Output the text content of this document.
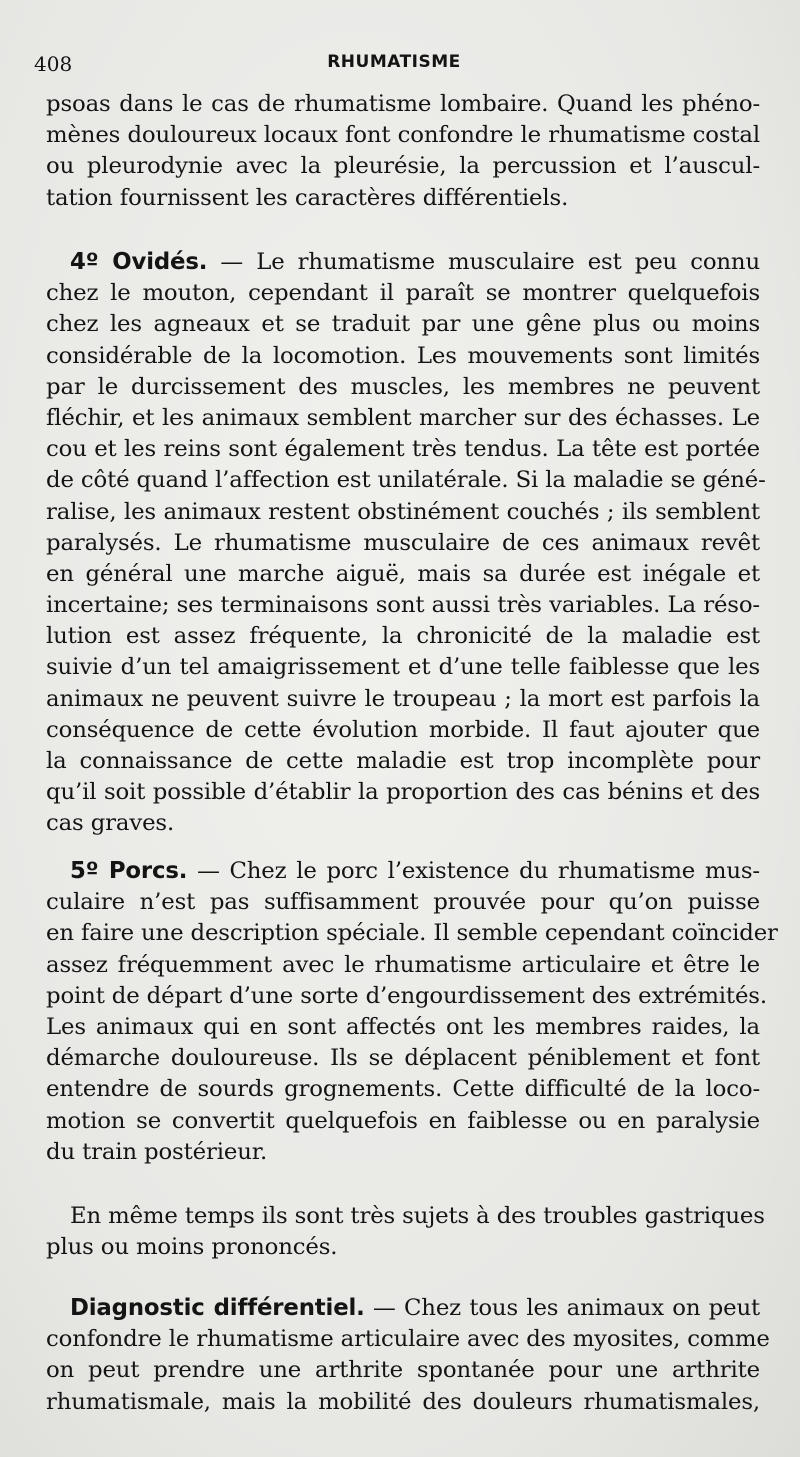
408	RHUMATISME
psoas dans le cas de rhumatisme lombaire. Quand les phéno-
mènes douloureux locaux font confondre le rhumatisme costal
ou pleurodynie avec la pleurésie, la percussion et l’auscul-
tation fournissent les caractères différentiels.
4º Ovidés. — Le rhumatisme musculaire est peu connu
chez le mouton, cependant il paraît se montrer quelquefois
chez les agneaux et se traduit par une gêne plus ou moins
considérable de la locomotion. Les mouvements sont limités
par le durcissement des muscles, les membres ne peuvent
fléchir, et les animaux semblent marcher sur des échasses. Le
cou et les reins sont également très tendus. La tête est portée
de côté quand l’affection est unilatérale. Si la maladie se géné-
ralise, les animaux restent obstinément couchés ; ils semblent
paralysés. Le rhumatisme musculaire de ces animaux revêt
en général une marche aiguë, mais sa durée est inégale et
incertaine; ses terminaisons sont aussi très variables. La réso-
lution est assez fréquente, la chronicité de la maladie est
suivie d’un tel amaigrissement et d’une telle faiblesse que les
animaux ne peuvent suivre le troupeau ; la mort est parfois la
conséquence de cette évolution morbide. Il faut ajouter que
la connaissance de cette maladie est trop incomplète pour
qu’il soit possible d’établir la proportion des cas bénins et des
cas graves.
5º Porcs. — Chez le porc l’existence du rhumatisme mus-
culaire n’est pas suffisamment prouvée pour qu’on puisse
en faire une description spéciale. Il semble cependant coïncider
assez fréquemment avec le rhumatisme articulaire et être le
point de départ d’une sorte d’engourdissement des extrémités.
Les animaux qui en sont affectés ont les membres raides, la
démarche douloureuse. Ils se déplacent péniblement et font
entendre de sourds grognements. Cette difficulté de la loco-
motion se convertit quelquefois en faiblesse ou en paralysie
du train postérieur.
En même temps ils sont très sujets à des troubles gastriques
plus ou moins prononcés.
Diagnostic différentiel. — Chez tous les animaux on peut
confondre le rhumatisme articulaire avec des myosites, comme
on peut prendre une arthrite spontanée pour une arthrite
rhumatismale, mais la mobilité des douleurs rhumatismales,
